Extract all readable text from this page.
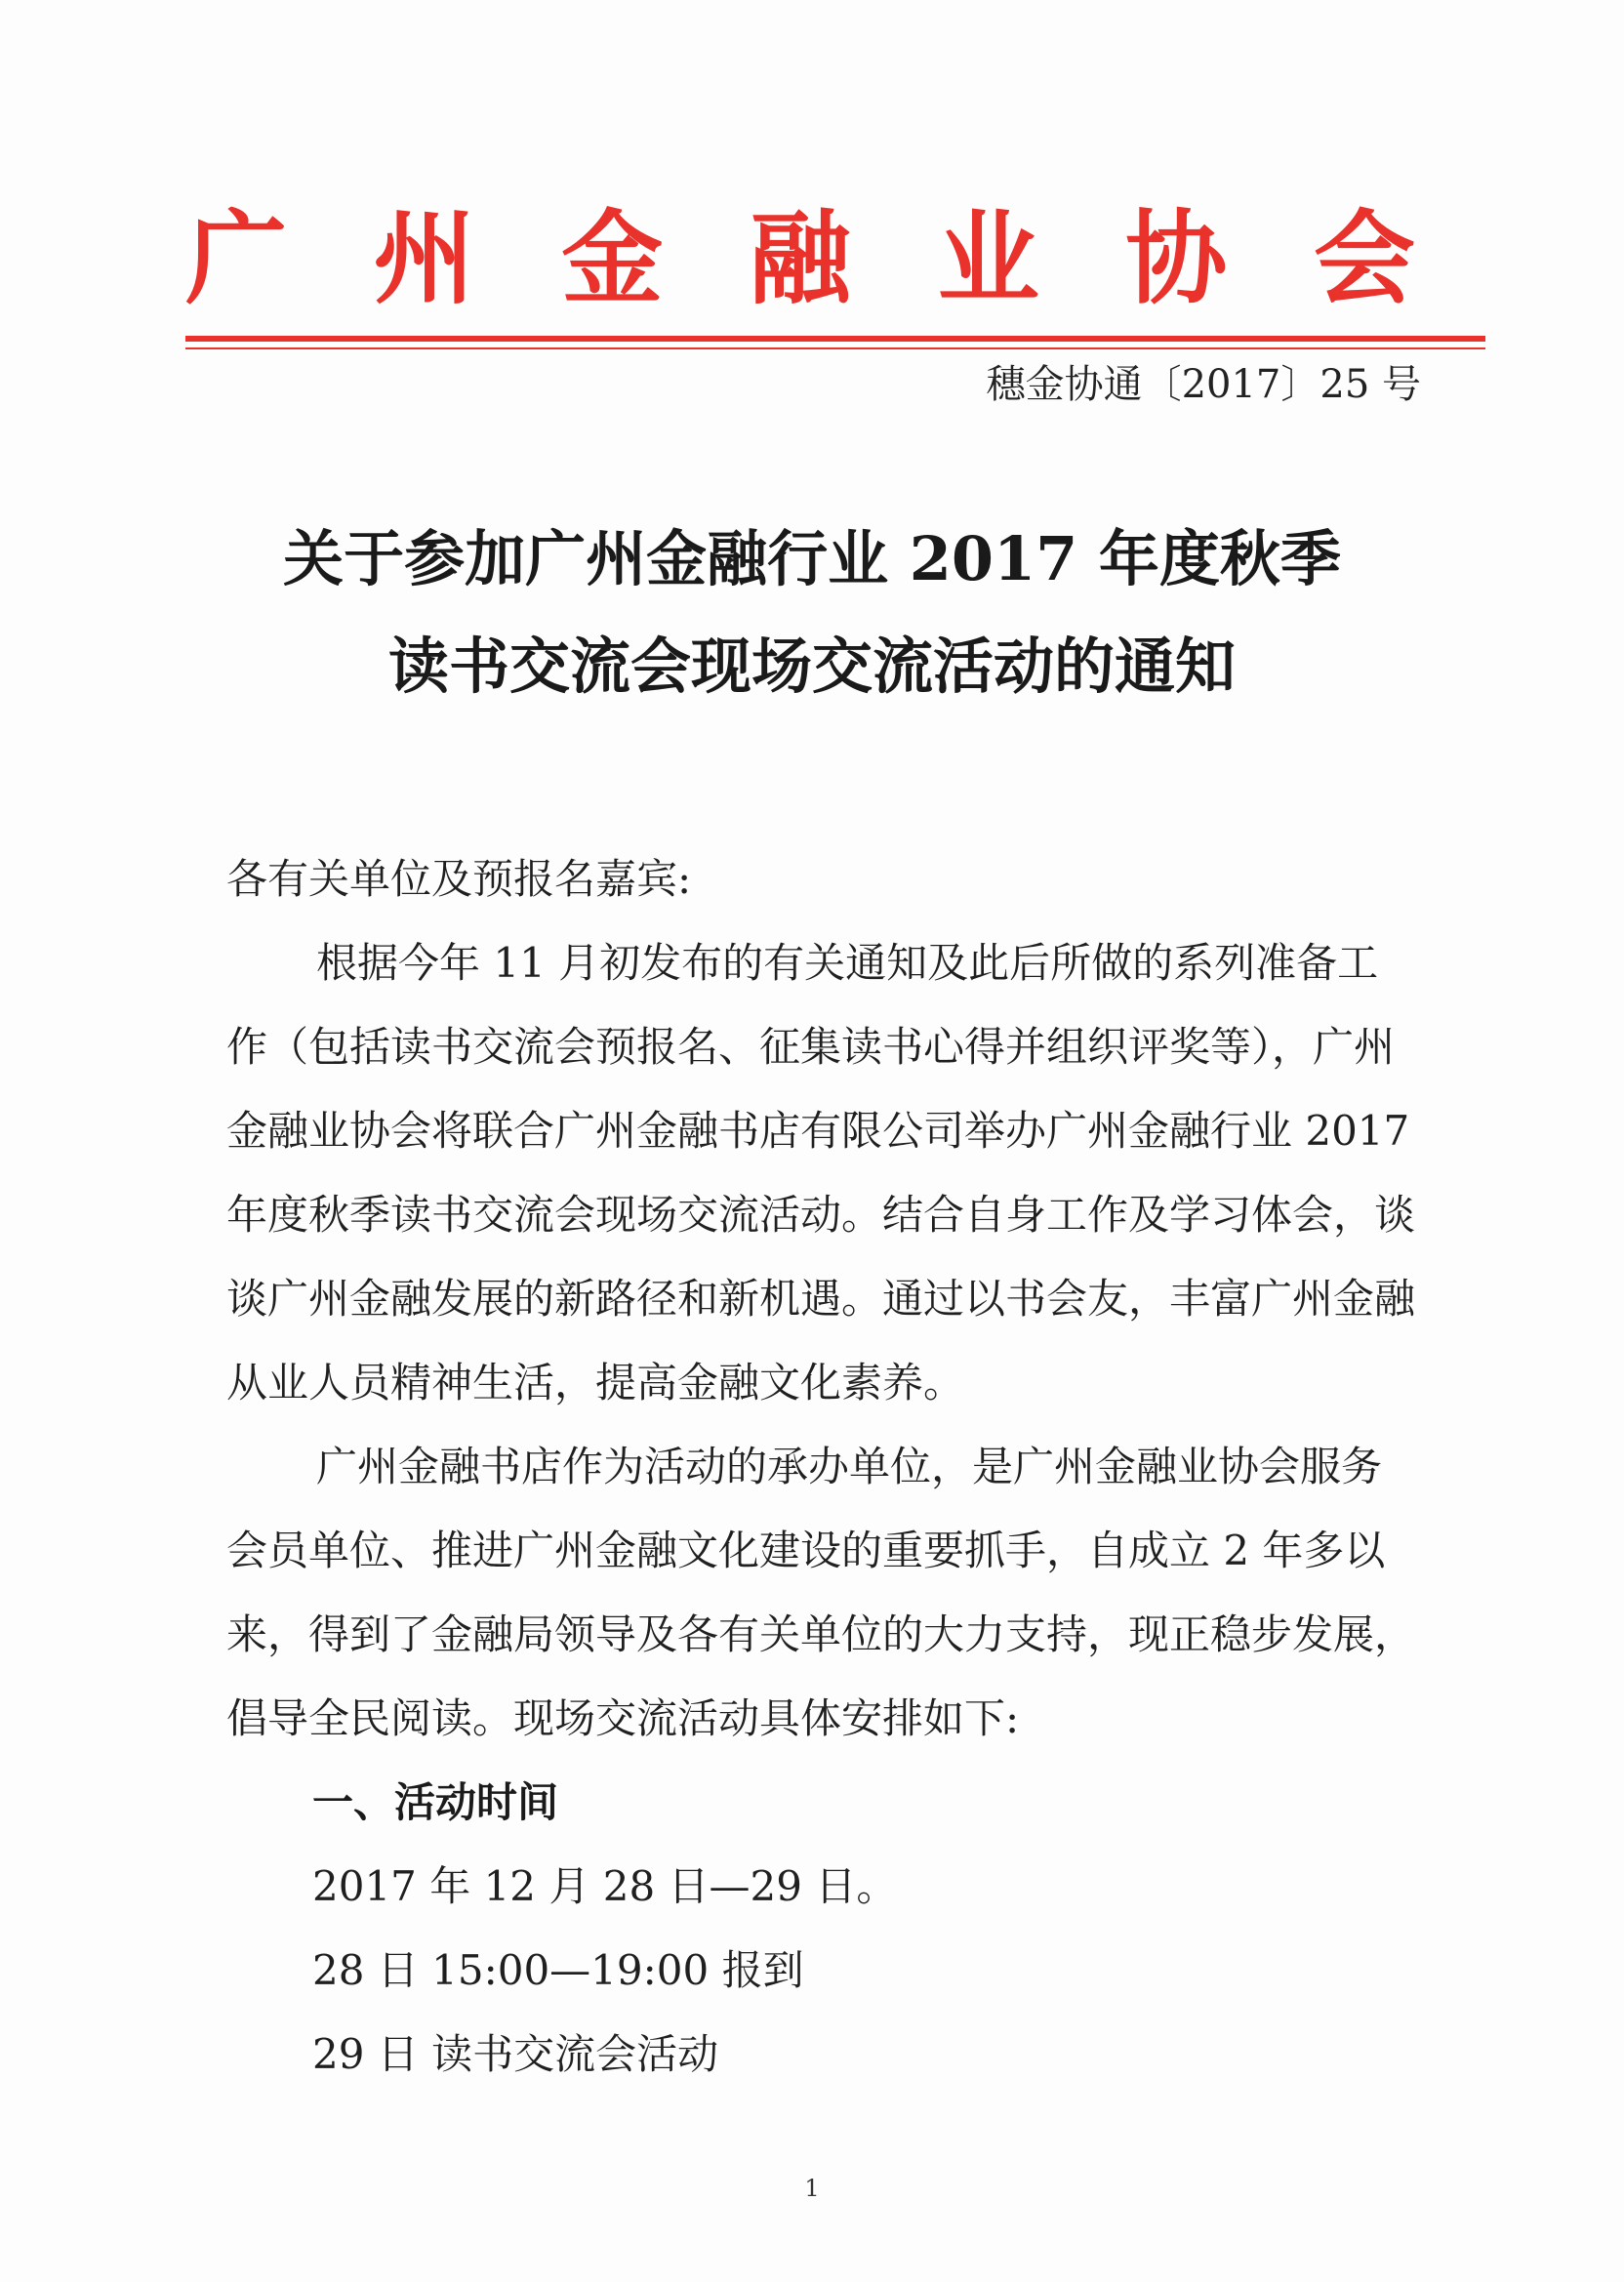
广 州 金 融 业 协 会
穗金协通〔2017〕25 号
关于参加广州金融行业 2017 年度秋季
读书交流会现场交流活动的通知
各有关单位及预报名嘉宾:
根据今年 11 月初发布的有关通知及此后所做的系列准备工作（包括读书交流会预报名、征集读书心得并组织评奖等），广州金融业协会将联合广州金融书店有限公司举办广州金融行业 2017 年度秋季读书交流会现场交流活动。结合自身工作及学习体会，谈谈广州金融发展的新路径和新机遇。通过以书会友，丰富广州金融从业人员精神生活，提高金融文化素养。
广州金融书店作为活动的承办单位，是广州金融业协会服务会员单位、推进广州金融文化建设的重要抓手，自成立 2 年多以来，得到了金融局领导及各有关单位的大力支持，现正稳步发展，倡导全民阅读。现场交流活动具体安排如下:
一、活动时间
2017 年 12 月 28 日—29 日。
28 日 15:00—19:00 报到
29 日 读书交流会活动
1
